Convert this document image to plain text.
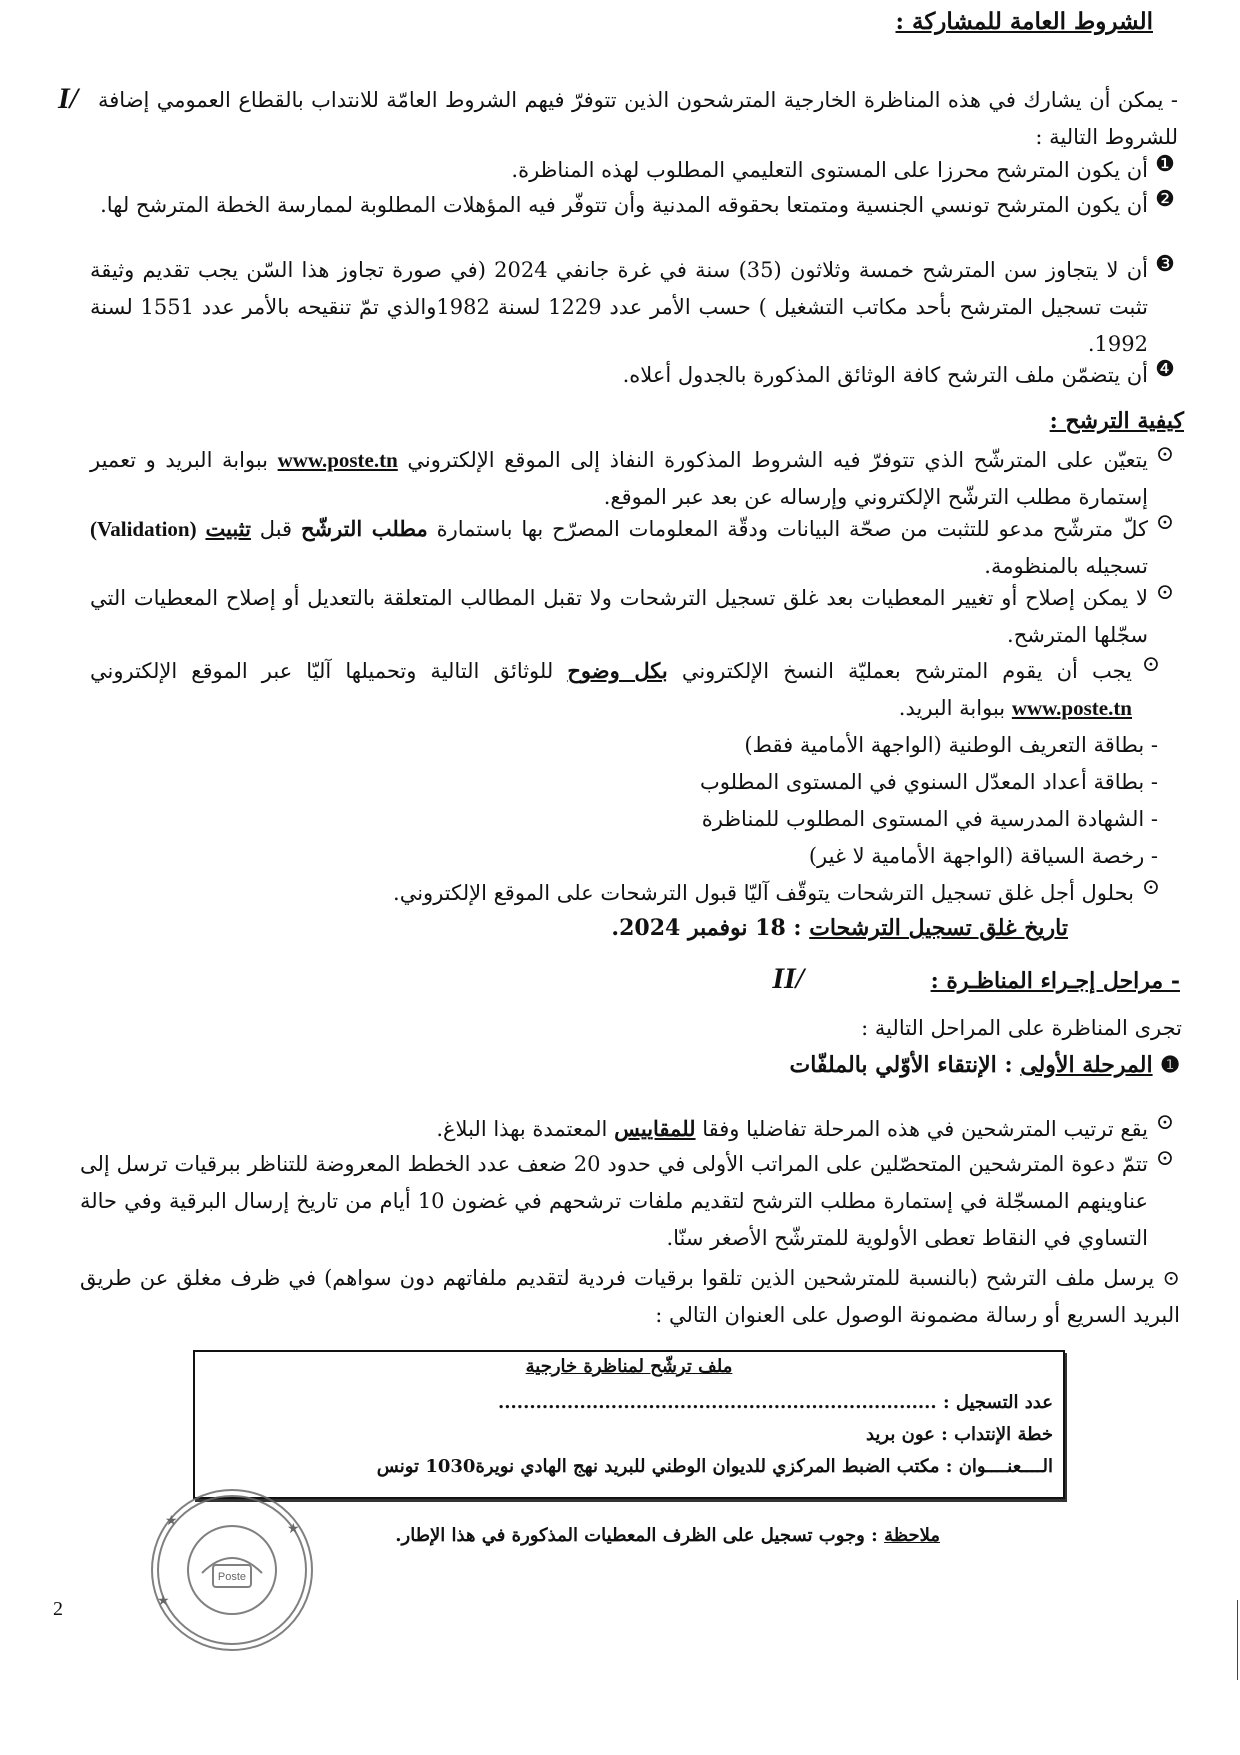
الشروط العامة للمشاركة :
I/	- يمكن أن يشارك في هذه المناظرة الخارجية المترشحون الذين تتوفرّ فيهم الشروط العامّة للانتداب بالقطاع العمومي إضافة للشروط التالية :
❶
أن يكون المترشح محرزا على المستوى التعليمي المطلوب لهذه المناظرة.
❷
أن يكون المترشح تونسي الجنسية ومتمتعا بحقوقه المدنية وأن تتوفّر فيه المؤهلات المطلوبة لممارسة الخطة المترشح لها.
❸
أن لا يتجاوز سن المترشح خمسة وثلاثون (35) سنة في غرة جانفي 2024 (في صورة تجاوز هذا السّن يجب تقديم وثيقة تثبت تسجيل المترشح بأحد مكاتب التشغيل ) حسب الأمر عدد 1229 لسنة 1982والذي تمّ تنقيحه بالأمر عدد 1551 لسنة 1992.
❹
أن يتضمّن ملف الترشح كافة الوثائق المذكورة بالجدول أعلاه.
كيفية الترشح :
⊙
يتعيّن على المترشّح الذي تتوفرّ فيه الشروط المذكورة النفاذ إلى الموقع الإلكتروني www.poste.tn ببوابة البريد و تعمير إستمارة مطلب الترشّح الإلكتروني وإرساله عن بعد عبر الموقع.
⊙
كلّ مترشّح مدعو للتثبت من صحّة البيانات ودقّة المعلومات المصرّح بها باستمارة مطلب الترشّح قبل تثبيت (Validation) تسجيله بالمنظومة.
⊙
لا يمكن إصلاح أو تغيير المعطيات بعد غلق تسجيل الترشحات ولا تقبل المطالب المتعلقة بالتعديل أو إصلاح المعطيات التي سجّلها المترشح.
⊙
يجب أن يقوم المترشح بعمليّة النسخ الإلكتروني بكل وضوح للوثائق التالية وتحميلها آليّا عبر الموقع الإلكتروني www.poste.tn ببوابة البريد.
- بطاقة التعريف الوطنية (الواجهة الأمامية فقط)
- بطاقة أعداد المعدّل السنوي في المستوى المطلوب
- الشهادة المدرسية في المستوى المطلوب للمناظرة
- رخصة السياقة (الواجهة الأمامية لا غير)
⊙
بحلول أجل غلق تسجيل الترشحات يتوقّف آليّا قبول الترشحات على الموقع الإلكتروني.
تاريخ غلق تسجيل الترشحات : 18 نوفمبر 2024.
- مراحل إجـراء المناظـرة :
II/
تجرى المناظرة على المراحل التالية :
❶ المرحلة الأولى : الإنتقاء الأوّلي بالملفّات
⊙
يقع ترتيب المترشحين في هذه المرحلة تفاضليا وفقا للمقاييس المعتمدة بهذا البلاغ.
⊙
تتمّ دعوة المترشحين المتحصّلين على المراتب الأولى في حدود 20 ضعف عدد الخطط المعروضة للتناظر ببرقيات ترسل إلى عناوينهم المسجّلة في إستمارة مطلب الترشح لتقديم ملفات ترشحهم في غضون 10 أيام من تاريخ إرسال البرقية وفي حالة التساوي في النقاط تعطى الأولوية للمترشّح الأصغر سنّا.
⊙ يرسل ملف الترشح (بالنسبة للمترشحين الذين تلقوا برقيات فردية لتقديم ملفاتهم دون سواهم) في ظرف مغلق عن طريق البريد السريع أو رسالة مضمونة الوصول على العنوان التالي :
ملف ترشّح لمناظرة خارجية
عدد التسجيل : ......................................................................
خطة الإنتداب : عون بريد
الــــعنــــوان : مكتب الضبط المركزي للديوان الوطني للبريد نهج الهادي نويرة1030 تونس
ملاحظة : وجوب تسجيل على الظرف المعطيات المذكورة في هذا الإطار.
Poste
★	★
★
2
